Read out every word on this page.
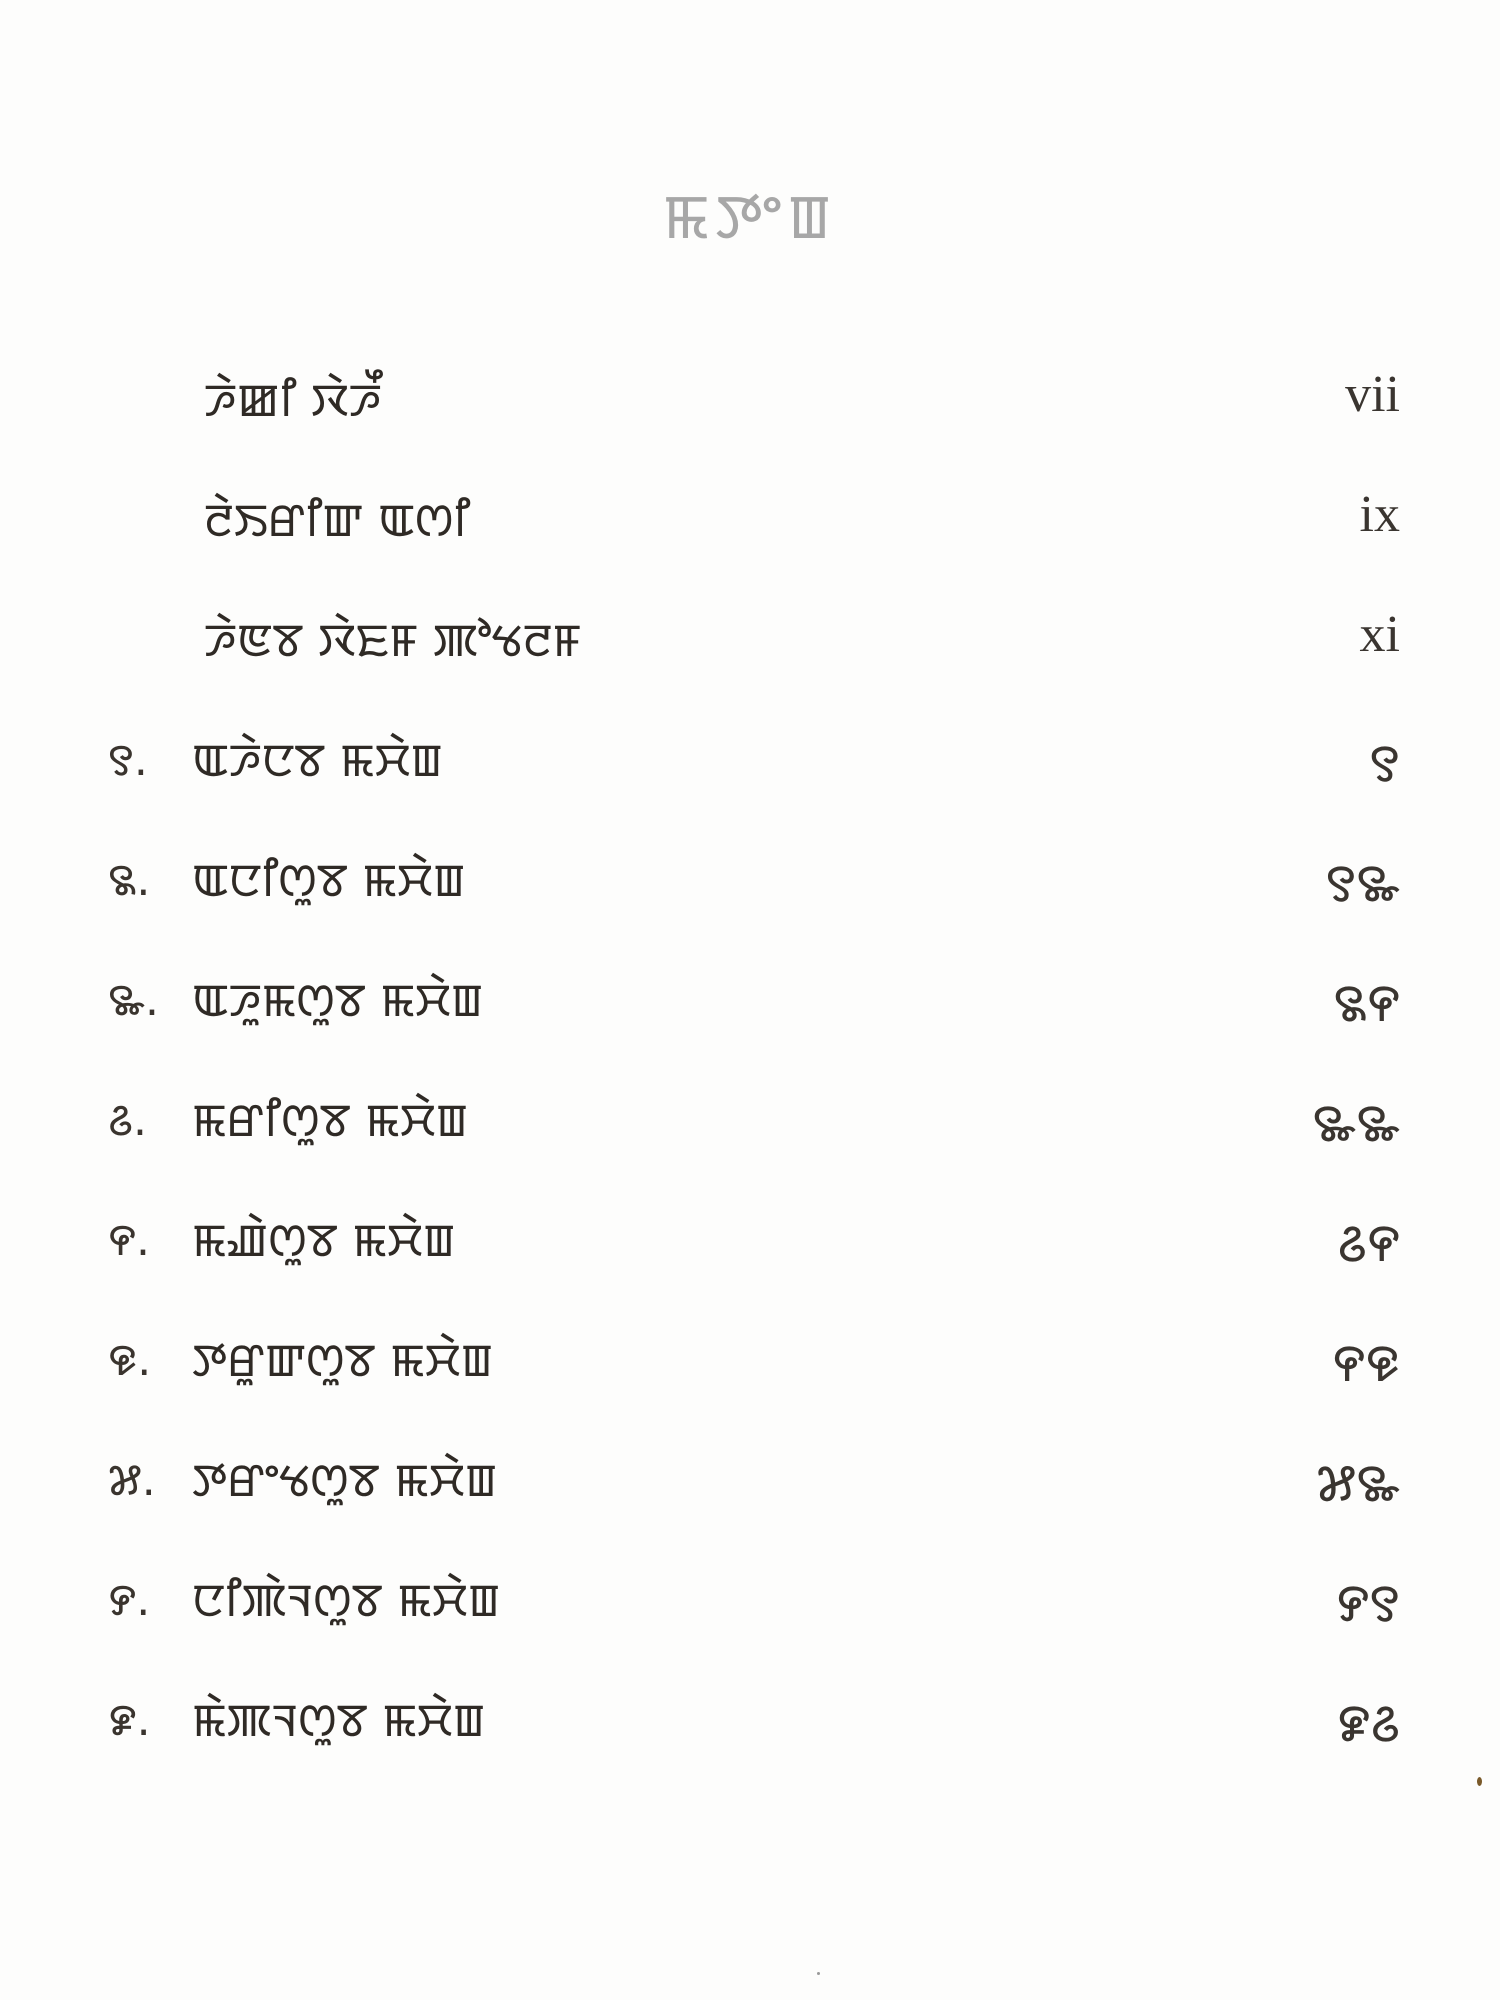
ꯃꯇꯦꯡ
ꯍꯥꯀꯤ ꯋꯥꯍꯩ	vii
ꯂꯥꯏꯔꯤꯛ ꯑꯁꯤ	ix
ꯍꯥꯟꯕ ꯋꯥꯐꯝ ꯄꯣꯠꯂꯝ	xi
꯱. ꯑꯍꯥꯅꯕ ꯃꯆꯥꯡ	꯱
꯲. ꯑꯅꯤꯁꯨꯕ ꯃꯆꯥꯡ	꯱꯳
꯳. ꯑꯍꯨꯃꯁꯨꯕ ꯃꯆꯥꯡ	꯲꯵
꯴. ꯃꯔꯤꯁꯨꯕ ꯃꯆꯥꯡ	꯳꯳
꯵. ꯃꯉꯥꯁꯨꯕ ꯃꯆꯥꯡ	꯴꯵
꯶. ꯇꯔꯨꯛꯁꯨꯕ ꯃꯆꯥꯡ	꯵꯶
꯷. ꯇꯔꯦꯠꯁꯨꯕ ꯃꯆꯥꯡ	꯷꯳
꯸. ꯅꯤꯄꯥꯜꯁꯨꯕ ꯃꯆꯥꯡ	꯸꯱
꯹. ꯃꯥꯄꯜꯁꯨꯕ ꯃꯆꯥꯡ	꯹꯴
